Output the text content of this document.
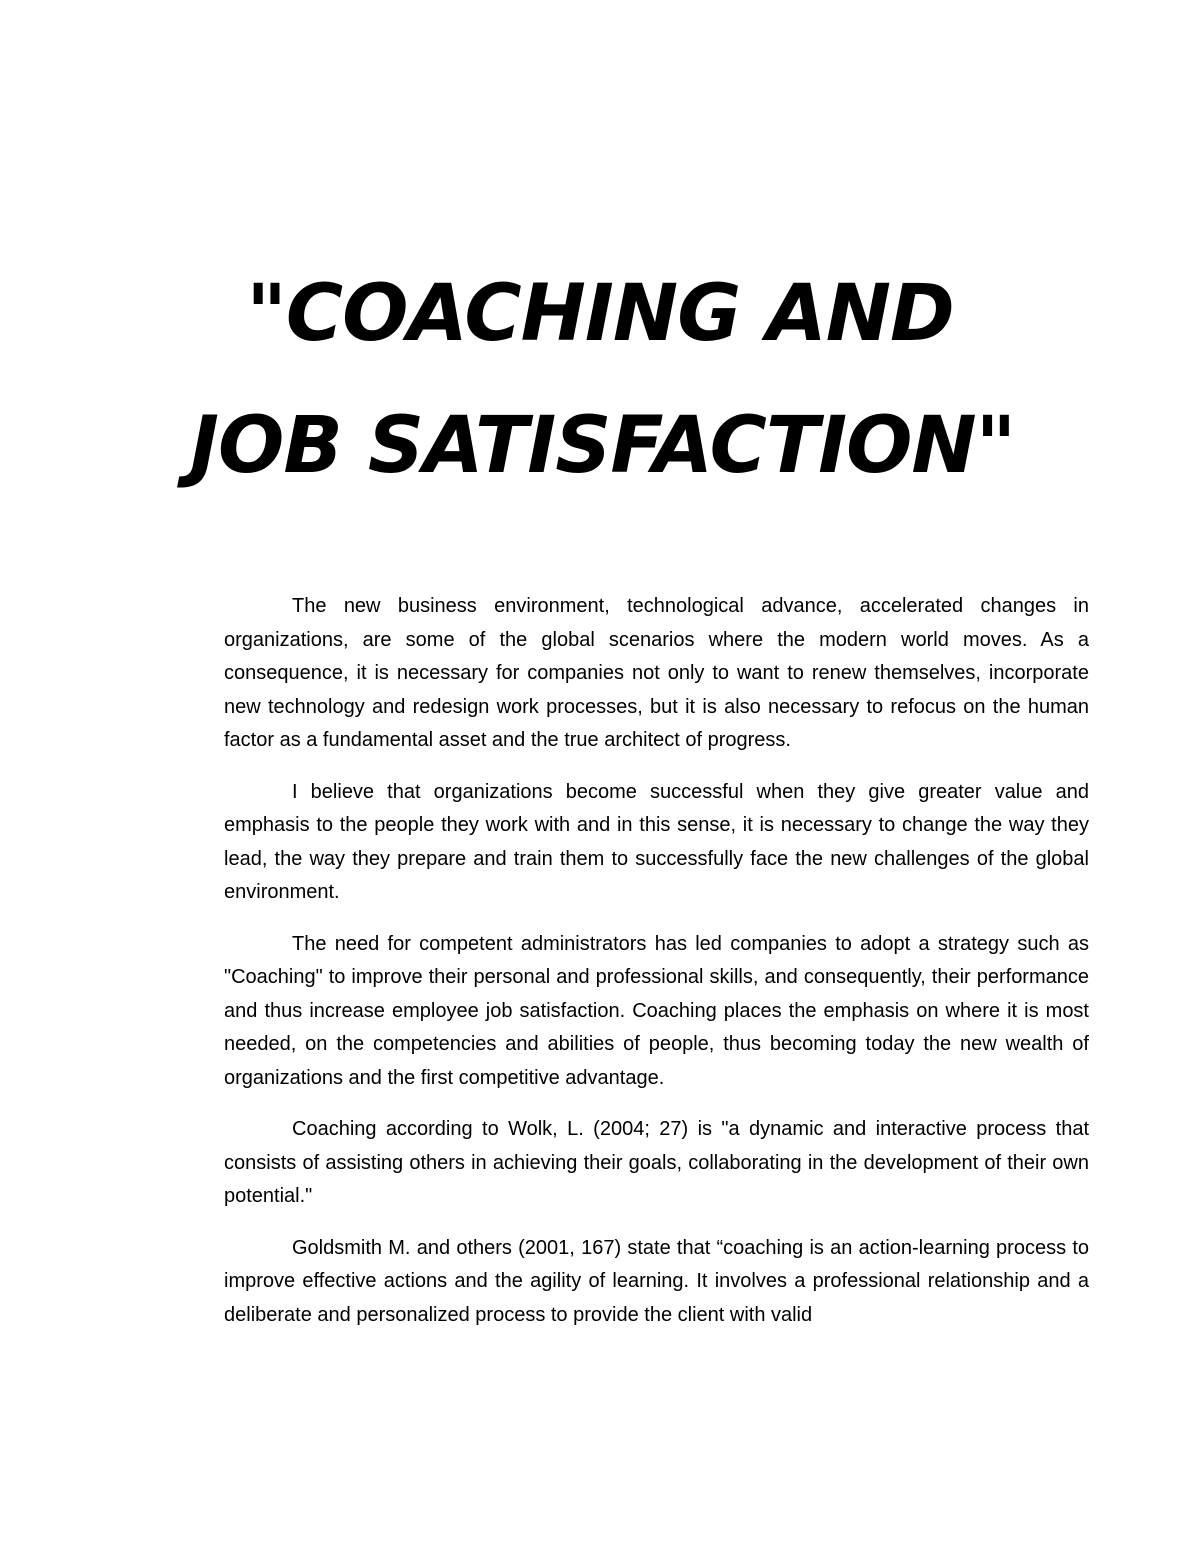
"COACHING AND
JOB SATISFACTION"

The new business environment, technological advance, accelerated changes in organizations, are some of the global scenarios where the modern world moves. As a consequence, it is necessary for companies not only to want to renew themselves, incorporate new technology and redesign work processes, but it is also necessary to refocus on the human factor as a fundamental asset and the true architect of progress.

I believe that organizations become successful when they give greater value and emphasis to the people they work with and in this sense, it is necessary to change the way they lead, the way they prepare and train them to successfully face the new challenges of the global environment.

The need for competent administrators has led companies to adopt a strategy such as "Coaching" to improve their personal and professional skills, and consequently, their performance and thus increase employee job satisfaction. Coaching places the emphasis on where it is most needed, on the competencies and abilities of people, thus becoming today the new wealth of organizations and the first competitive advantage.

Coaching according to Wolk, L. (2004; 27) is "a dynamic and interactive process that consists of assisting others in achieving their goals, collaborating in the development of their own potential."

Goldsmith M. and others (2001, 167) state that “coaching is an action-learning process to improve effective actions and the agility of learning. It involves a professional relationship and a deliberate and personalized process to provide the client with valid
